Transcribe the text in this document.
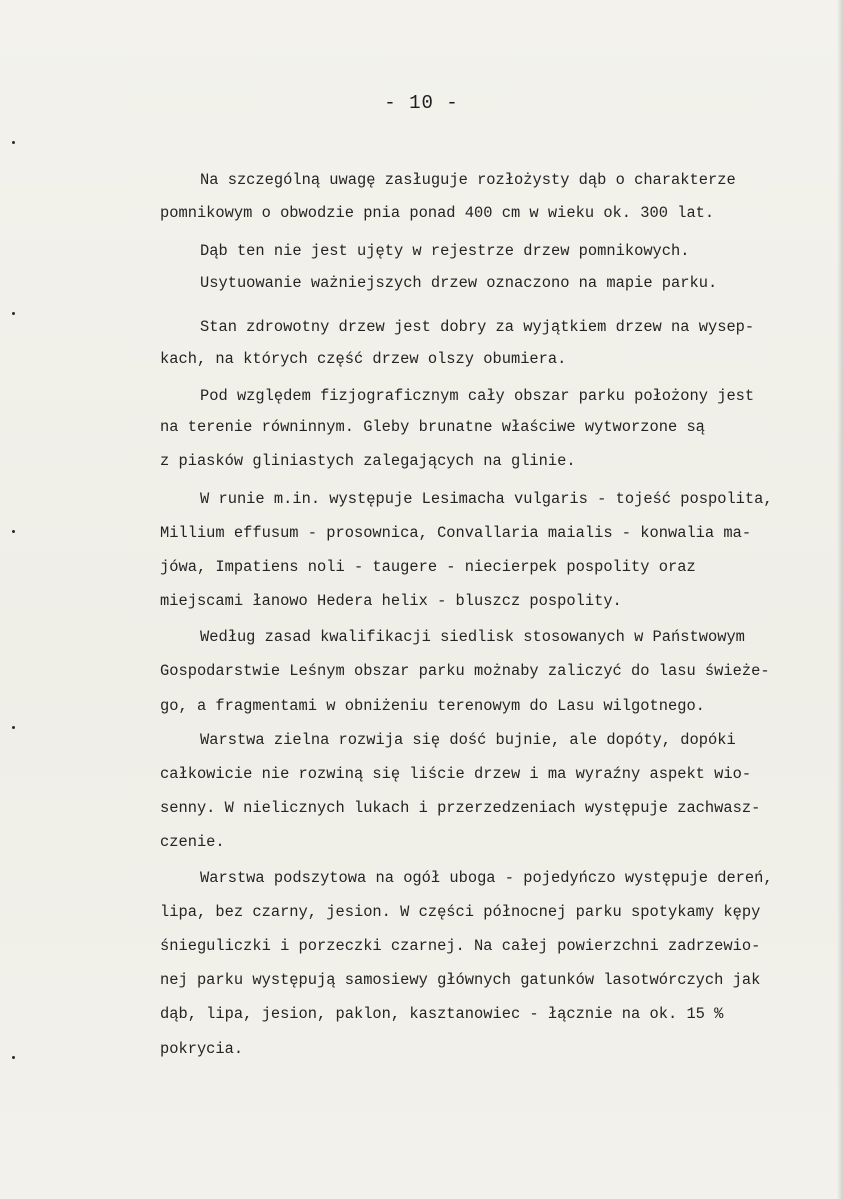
- 10 -
Na szczególną uwagę zasługuje rozłożysty dąb o charakterze
pomnikowym o obwodzie pnia ponad 400 cm w wieku ok. 300 lat.
Dąb ten nie jest ujęty w rejestrze drzew pomnikowych.
Usytuowanie ważniejszych drzew oznaczono na mapie parku.
Stan zdrowotny drzew jest dobry za wyjątkiem drzew na wysep-
kach, na których część drzew olszy obumiera.
Pod względem fizjograficznym cały obszar parku położony jest
na terenie równinnym. Gleby brunatne właściwe wytworzone są
z piasków gliniastych zalegających na glinie.
W runie m.in. występuje Lesimacha vulgaris - tojeść pospolita,
Millium effusum - prosownica, Convallaria maialis - konwalia ma-
jówa, Impatiens noli - taugere - niecierpek pospolity oraz
miejscami łanowo Hedera helix - bluszcz pospolity.
Według zasad kwalifikacji siedlisk stosowanych w Państwowym
Gospodarstwie Leśnym obszar parku możnaby zaliczyć do lasu świeże-
go, a fragmentami w obniżeniu terenowym do Lasu wilgotnego.
Warstwa zielna rozwija się dość bujnie, ale dopóty, dopóki
całkowicie nie rozwiną się liście drzew i ma wyraźny aspekt wio-
senny. W nielicznych lukach i przerzedzeniach występuje zachwasz-
czenie.
Warstwa podszytowa na ogół uboga - pojedyńczo występuje dereń,
lipa, bez czarny, jesion. W części północnej parku spotykamy kępy
śnieguliczki i porzeczki czarnej. Na całej powierzchni zadrzewio-
nej parku występują samosiewy głównych gatunków lasotwórczych jak
dąb, lipa, jesion, paklon, kasztanowiec - łącznie na ok. 15 %
pokrycia.
